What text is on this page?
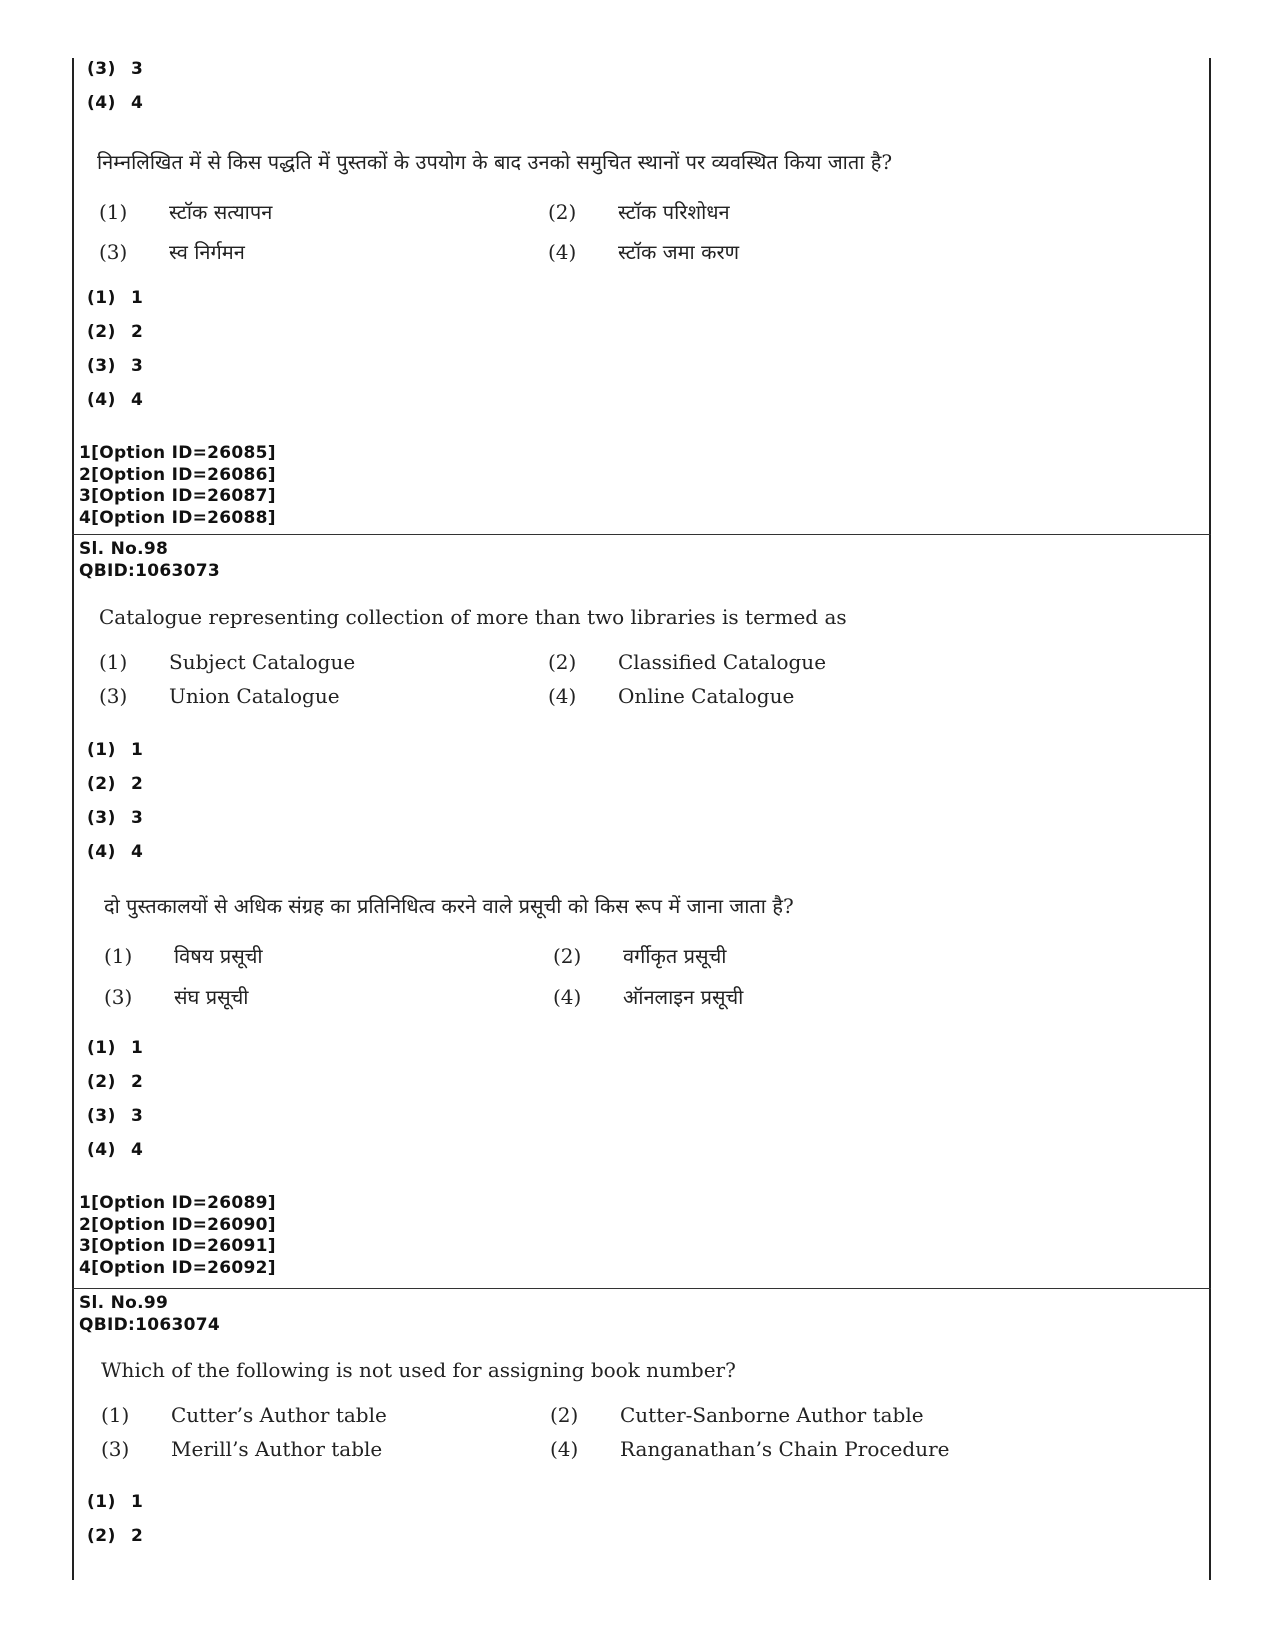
(3) 3
(4) 4
निम्नलिखित में से किस पद्धति में पुस्तकों के उपयोग के बाद उनको समुचित स्थानों पर व्यवस्थित किया जाता है?
(1) स्टॉक सत्यापन	(2) स्टॉक परिशोधन
(3) स्व निर्गमन	(4) स्टॉक जमा करण
(1) 1
(2) 2
(3) 3
(4) 4
1[Option ID=26085]
2[Option ID=26086]
3[Option ID=26087]
4[Option ID=26088]
Sl. No.98
QBID:1063073
Catalogue representing collection of more than two libraries is termed as
(1) Subject Catalogue	(2) Classified Catalogue
(3) Union Catalogue	(4) Online Catalogue
(1) 1
(2) 2
(3) 3
(4) 4
दो पुस्तकालयों से अधिक संग्रह का प्रतिनिधित्व करने वाले प्रसूची को किस रूप में जाना जाता है?
(1) विषय प्रसूची	(2) वर्गीकृत प्रसूची
(3) संघ प्रसूची	(4) ऑनलाइन प्रसूची
(1) 1
(2) 2
(3) 3
(4) 4
1[Option ID=26089]
2[Option ID=26090]
3[Option ID=26091]
4[Option ID=26092]
Sl. No.99
QBID:1063074
Which of the following is not used for assigning book number?
(1) Cutter’s Author table	(2) Cutter-Sanborne Author table
(3) Merill’s Author table	(4) Ranganathan’s Chain Procedure
(1) 1
(2) 2
